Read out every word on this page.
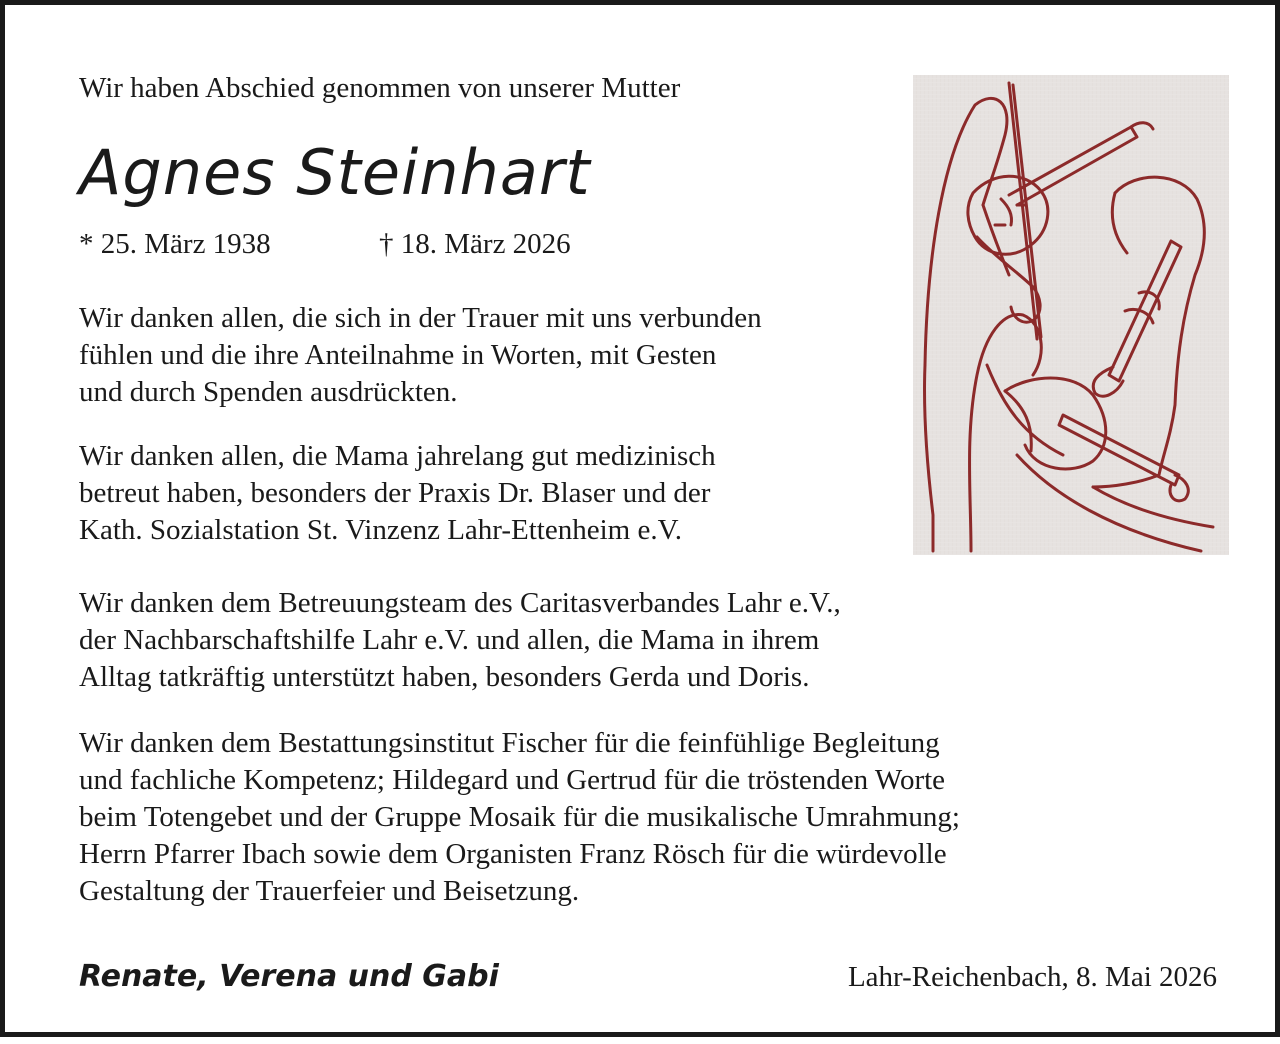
Wir haben Abschied genommen von unserer Mutter
Agnes Steinhart
* 25. März 1938	† 18. März 2026
Wir danken allen, die sich in der Trauer mit uns verbunden
fühlen und die ihre Anteilnahme in Worten, mit Gesten
und durch Spenden ausdrückten.
Wir danken allen, die Mama jahrelang gut medizinisch
betreut haben, besonders der Praxis Dr. Blaser und der
Kath. Sozialstation St. Vinzenz Lahr-Ettenheim e.V.
Wir danken dem Betreuungsteam des Caritasverbandes Lahr e.V.,
der Nachbarschaftshilfe Lahr e.V. und allen, die Mama in ihrem
Alltag tatkräftig unterstützt haben, besonders Gerda und Doris.
Wir danken dem Bestattungsinstitut Fischer für die feinfühlige Begleitung
und fachliche Kompetenz; Hildegard und Gertrud für die tröstenden Worte
beim Totengebet und der Gruppe Mosaik für die musikalische Umrahmung;
Herrn Pfarrer Ibach sowie dem Organisten Franz Rösch für die würdevolle
Gestaltung der Trauerfeier und Beisetzung.
Renate, Verena und Gabi	Lahr-Reichenbach, 8. Mai 2026
